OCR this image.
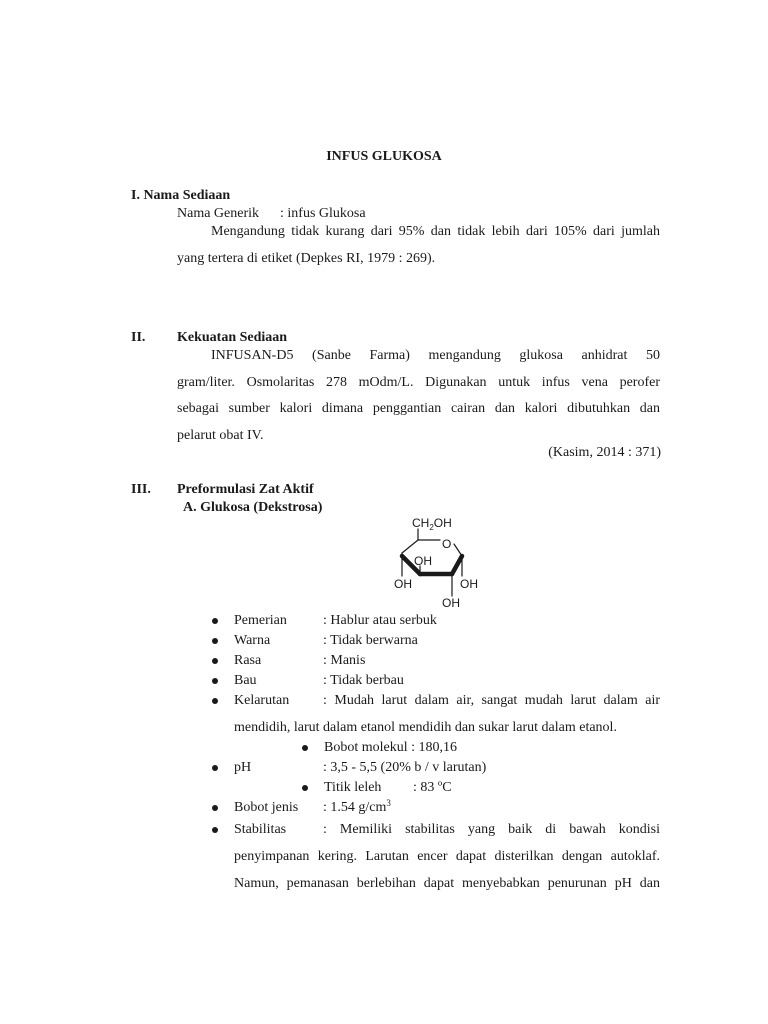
INFUS GLUKOSA
I. Nama Sediaan
Nama Generik : infus Glukosa
Mengandung tidak kurang dari 95% dan tidak lebih dari 105% dari jumlah
yang tertera di etiket (Depkes RI, 1979 : 269).
II. Kekuatan Sediaan
INFUSAN-D5 (Sanbe Farma) mengandung glukosa anhidrat 50
gram/liter. Osmolaritas 278 mOdm/L. Digunakan untuk infus vena perofer
sebagai sumber kalori dimana penggantian cairan dan kalori dibutuhkan dan
pelarut obat IV.
(Kasim, 2014 : 371)
III. Preformulasi Zat Aktif
A. Glukosa (Dekstrosa)
$CH_2OH$
O
OH
OH	OH
OH
Pemerian	: Hablur atau serbuk
Warna	: Tidak berwarna
Rasa	: Manis
Bau	: Tidak berbau
Kelarutan : Mudah larut dalam air, sangat mudah larut dalam air
mendidih, larut dalam etanol mendidih dan sukar larut dalam etanol.
Bobot molekul : 180,16
pH	: 3,5 - 5,5 (20% b / v larutan)
Titik leleh : 83 ºC
Bobot jenis : 1.54 $g/cm^3$
Stabilitas	: Memiliki stabilitas yang baik di bawah kondisi
penyimpanan kering. Larutan encer dapat disterilkan dengan autoklaf.
Namun, pemanasan berlebihan dapat menyebabkan penurunan pH dan
